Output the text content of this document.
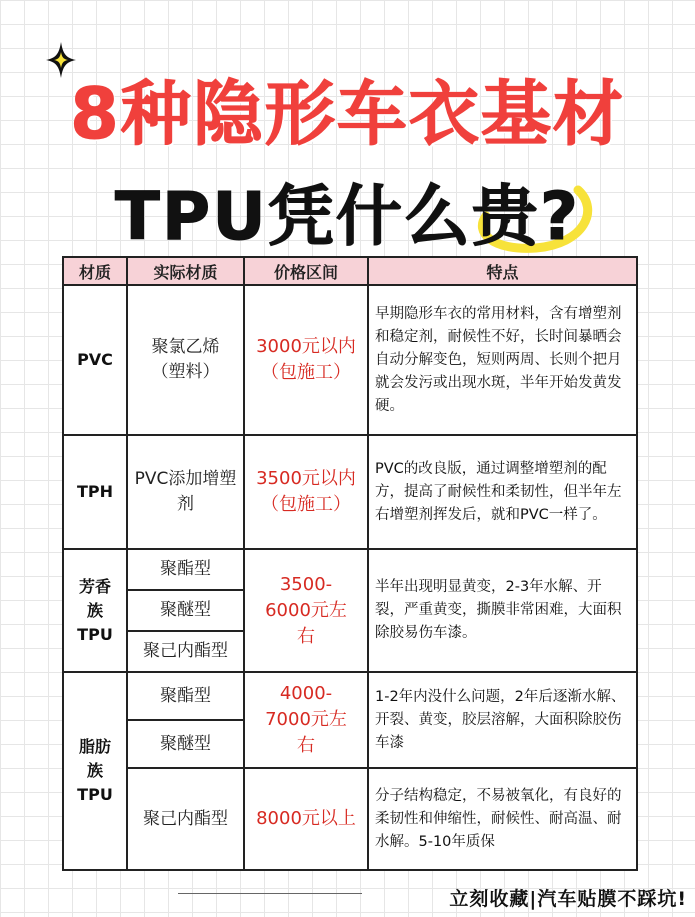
8种隐形车衣基材
TPU凭什么贵?
材质	实际材质	价格区间	特点
PVC	聚氯乙烯（塑料）	3000元以内（包施工）	早期隐形车衣的常用材料，含有增塑剂和稳定剂，耐候性不好，长时间暴晒会自动分解变色，短则两周、长则个把月就会发污或出现水斑，半年开始发黄发硬。
TPH	PVC添加增塑剂	3500元以内（包施工）	PVC的改良版，通过调整增塑剂的配方，提高了耐候性和柔韧性，但半年左右增塑剂挥发后，就和PVC一样了。
芳香族TPU	聚酯型	3500-6000元左右	半年出现明显黄变，2-3年水解、开裂，严重黄变，撕膜非常困难，大面积除胶易伤车漆。
	聚醚型		
	聚己内酯型		
脂肪族TPU	聚酯型	4000-7000元左右	1-2年内没什么问题，2年后逐渐水解、开裂、黄变，胶层溶解，大面积除胶伤车漆
	聚醚型		
	聚己内酯型	8000元以上	分子结构稳定，不易被氧化，有良好的柔韧性和伸缩性，耐候性、耐高温、耐水解。5-10年质保
立刻收藏|汽车贴膜不踩坑!
